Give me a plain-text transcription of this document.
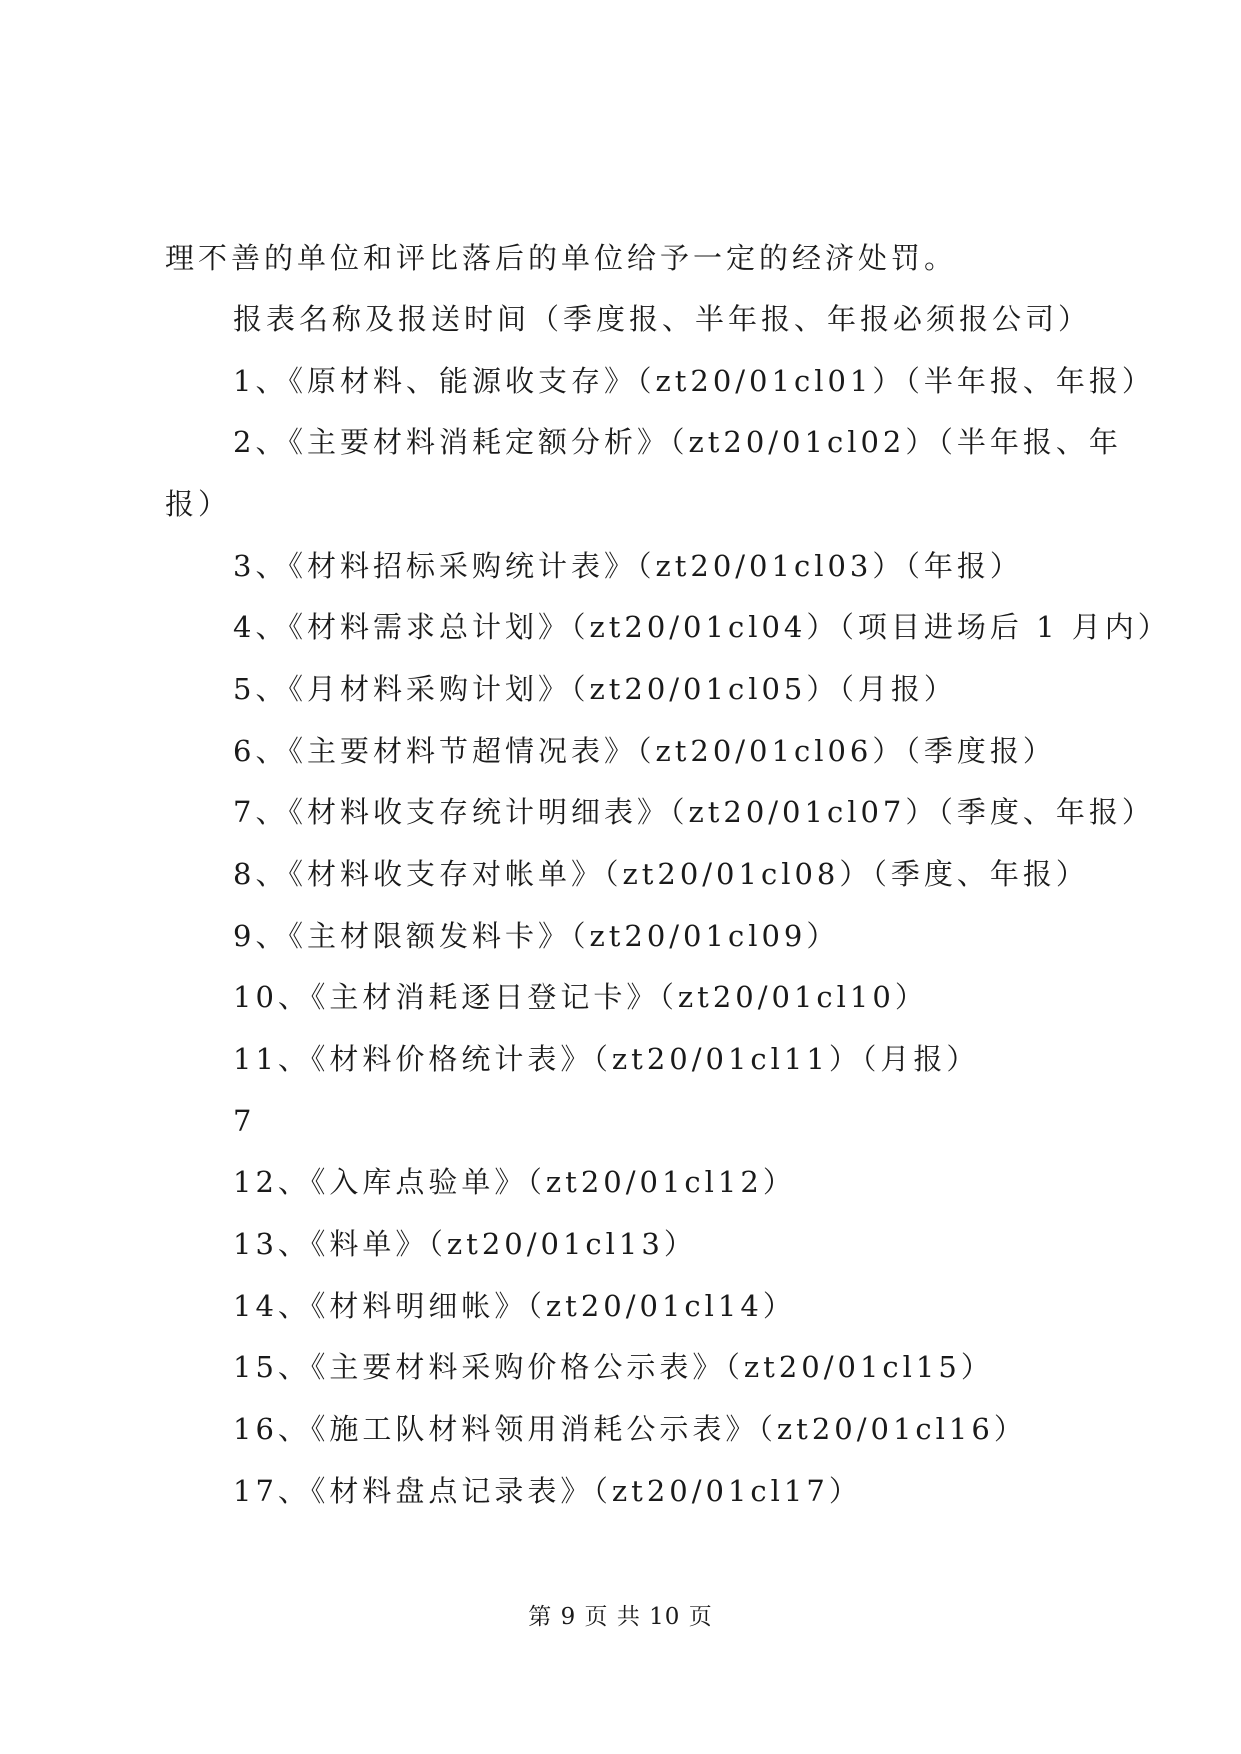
理不善的单位和评比落后的单位给予一定的经济处罚。
报表名称及报送时间（季度报、半年报、年报必须报公司）
1、《原材料、能源收支存》（zt20/01cl01）（半年报、年报）
2、《主要材料消耗定额分析》（zt20/01cl02）（半年报、年
报）
3、《材料招标采购统计表》（zt20/01cl03）（年报）
4、《材料需求总计划》（zt20/01cl04）（项目进场后 1 月内）
5、《月材料采购计划》（zt20/01cl05）（月报）
6、《主要材料节超情况表》（zt20/01cl06）（季度报）
7、《材料收支存统计明细表》（zt20/01cl07）（季度、年报）
8、《材料收支存对帐单》（zt20/01cl08）（季度、年报）
9、《主材限额发料卡》（zt20/01cl09）
10、《主材消耗逐日登记卡》（zt20/01cl10）
11、《材料价格统计表》（zt20/01cl11）（月报）
7
12、《入库点验单》（zt20/01cl12）
13、《料单》（zt20/01cl13）
14、《材料明细帐》（zt20/01cl14）
15、《主要材料采购价格公示表》（zt20/01cl15）
16、《施工队材料领用消耗公示表》（zt20/01cl16）
17、《材料盘点记录表》（zt20/01cl17）
第 9 页 共 10 页
